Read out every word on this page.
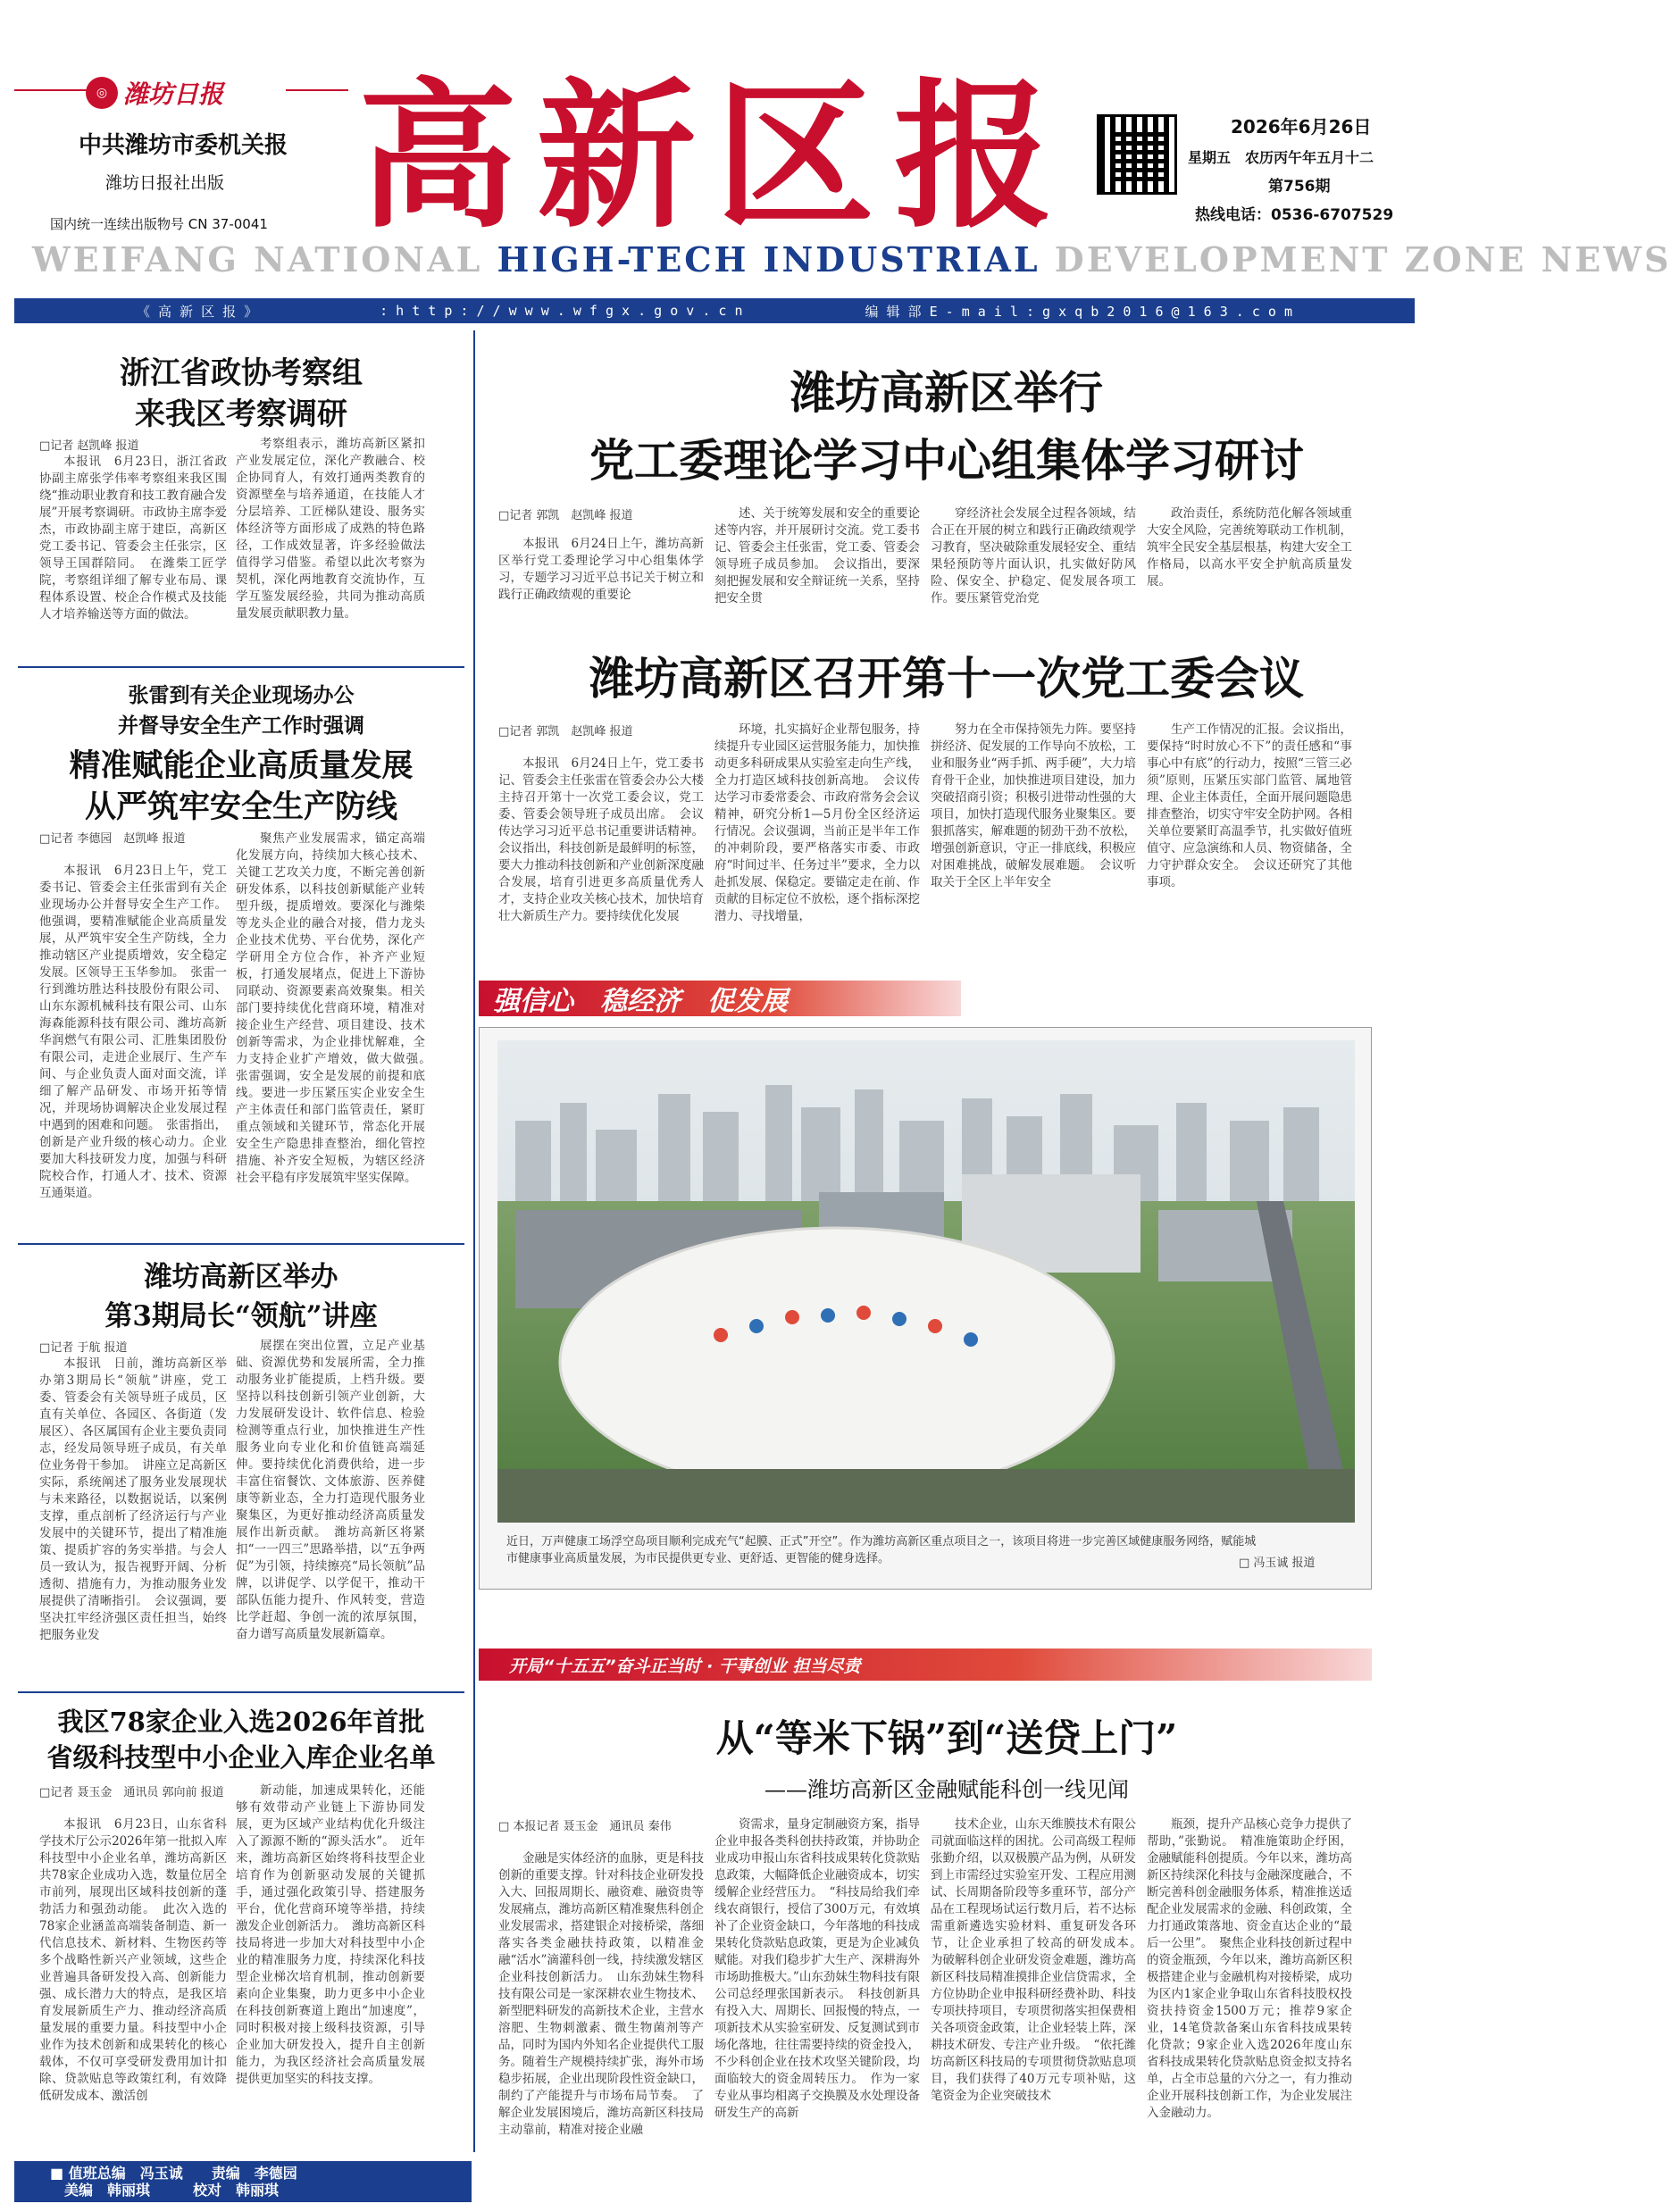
◎ 潍坊日报
中共潍坊市委机关报
潍坊日报社出版
国内统一连续出版物号 CN 37-0041 高新区报	2026年6月26日
星期五　农历丙午年五月十二
第756期
热线电话：0536-6707529
WEIFANG NATIONAL HIGH-TECH INDUSTRIAL DEVELOPMENT ZONE NEWS
《 高 新 区 报 》	: h t t p : / / w w w . w f g x . g o v . c n	编 辑 部 E - m a i l : g x q b 2 0 1 6 @ 1 6 3 . c o m
浙江省政协考察组
来我区考察调研
□记者 赵凯峰 报道

本报讯　6月23日，浙江省政协副主席张学伟率考察组来我区围绕“推动职业教育和技工教育融合发展”开展考察调研。市政协主席李爱杰，市政协副主席于建臣，高新区党工委书记、管委会主任张宗，区领导王国群陪同。　在潍柴工匠学院，考察组详细了解专业布局、课程体系设置、校企合作模式及技能人才培养输送等方面的做法。

考察组表示，潍坊高新区紧扣产业发展定位，深化产教融合、校企协同育人，有效打通两类教育的资源壁垒与培养通道，在技能人才分层培养、工匠梯队建设、服务实体经济等方面形成了成熟的特色路径，工作成效显著，许多经验做法值得学习借鉴。希望以此次考察为契机，深化两地教育交流协作，互学互鉴发展经验，共同为推动高质量发展贡献职教力量。

张雷到有关企业现场办公
并督导安全生产工作时强调
精准赋能企业高质量发展
从严筑牢安全生产防线
□记者 李德园　赵凯峰 报道

本报讯　6月23日上午，党工委书记、管委会主任张雷到有关企业现场办公并督导安全生产工作。他强调，要精准赋能企业高质量发展，从严筑牢安全生产防线，全力推动辖区产业提质增效，安全稳定发展。区领导王玉华参加。　张雷一行到潍坊胜达科技股份有限公司、山东东源机械科技有限公司、山东海森能源科技有限公司、潍坊高新华润燃气有限公司、汇胜集团股份有限公司，走进企业展厅、生产车间、与企业负责人面对面交流，详细了解产品研发、市场开拓等情况，并现场协调解决企业发展过程中遇到的困难和问题。　张雷指出，创新是产业升级的核心动力。企业要加大科技研发力度，加强与科研院校合作，打通人才、技术、资源互通渠道。

聚焦产业发展需求，锚定高端化发展方向，持续加大核心技术、关键工艺攻关力度，不断完善创新研发体系，以科技创新赋能产业转型升级，提质增效。要深化与潍柴等龙头企业的融合对接，借力龙头企业技术优势、平台优势，深化产学研用全方位合作，补齐产业短板，打通发展堵点，促进上下游协同联动、资源要素高效聚集。相关部门要持续优化营商环境，精准对接企业生产经营、项目建设、技术创新等需求，为企业排忧解难，全力支持企业扩产增效，做大做强。　张雷强调，安全是发展的前提和底线。要进一步压紧压实企业安全生产主体责任和部门监管责任，紧盯重点领域和关键环节，常态化开展安全生产隐患排查整治，细化管控措施、补齐安全短板，为辖区经济社会平稳有序发展筑牢坚实保障。

潍坊高新区举办
第3期局长“领航”讲座
□记者 于航 报道

本报讯　日前，潍坊高新区举办第3期局长“领航”讲座，党工委、管委会有关领导班子成员，区直有关单位、各园区、各街道（发展区）、各区属国有企业主要负责同志，经发局领导班子成员，有关单位业务骨干参加。　讲座立足高新区实际，系统阐述了服务业发展现状与未来路径，以数据说话，以案例支撑，重点剖析了经济运行与产业发展中的关键环节，提出了精准施策、提质扩容的务实举措。与会人员一致认为，报告视野开阔、分析透彻、措施有力，为推动服务业发展提供了清晰指引。　会议强调，要坚决扛牢经济强区责任担当，始终把服务业发

展摆在突出位置，立足产业基础、资源优势和发展所需，全力推动服务业扩能提质，上档升级。要坚持以科技创新引领产业创新，大力发展研发设计、软件信息、检验检测等重点行业，加快推进生产性服务业向专业化和价值链高端延伸。要持续优化消费供给，进一步丰富住宿餐饮、文体旅游、医养健康等新业态，全力打造现代服务业聚集区，为更好推动经济高质量发展作出新贡献。　潍坊高新区将紧扣“一一四三”思路举措，以“五争两促”为引领，持续擦亮“局长领航”品牌，以讲促学、以学促干，推动干部队伍能力提升、作风转变，营造比学赶超、争创一流的浓厚氛围，奋力谱写高质量发展新篇章。

我区78家企业入选2026年首批
省级科技型中小企业入库企业名单
□记者 聂玉金　通讯员 郭向前 报道

本报讯　6月23日，山东省科学技术厅公示2026年第一批拟入库科技型中小企业名单，潍坊高新区共78家企业成功入选，数量位居全市前列，展现出区域科技创新的蓬勃活力和强劲动能。　此次入选的78家企业涵盖高端装备制造、新一代信息技术、新材料、生物医药等多个战略性新兴产业领域，这些企业普遍具备研发投入高、创新能力强、成长潜力大的特点，是我区培育发展新质生产力、推动经济高质量发展的重要力量。科技型中小企业作为技术创新和成果转化的核心载体，不仅可享受研发费用加计扣除、贷款贴息等政策红利，有效降低研发成本、激活创

新动能，加速成果转化，还能够有效带动产业链上下游协同发展，更为区域产业结构优化升级注入了源源不断的“源头活水”。　近年来，潍坊高新区始终将科技型企业培育作为创新驱动发展的关键抓手，通过强化政策引导、搭建服务平台，优化营商环境等举措，持续激发企业创新活力。　潍坊高新区科技局将进一步加大对科技型中小企业的精准服务力度，持续深化科技型企业梯次培育机制，推动创新要素向企业集聚，助力更多中小企业在科技创新赛道上跑出“加速度”，同时积极对接上级科技资源，引导企业加大研发投入，提升自主创新能力，为我区经济社会高质量发展提供更加坚实的科技支撑。

■ 值班总编　冯玉诚　　责编　李德园
　美编　韩丽琪　　　校对　韩丽琪
潍坊高新区举行
党工委理论学习中心组集体学习研讨
□记者 郭凯　赵凯峰 报道

本报讯　6月24日上午，潍坊高新区举行党工委理论学习中心组集体学习，专题学习习近平总书记关于树立和践行正确政绩观的重要论

述、关于统筹发展和安全的重要论述等内容，并开展研讨交流。党工委书记、管委会主任张雷，党工委、管委会领导班子成员参加。　会议指出，要深刻把握发展和安全辩证统一关系，坚持把安全贯

穿经济社会发展全过程各领域，结合正在开展的树立和践行正确政绩观学习教育，坚决破除重发展轻安全、重结果轻预防等片面认识，扎实做好防风险、保安全、护稳定、促发展各项工作。要压紧管党治党

政治责任，系统防范化解各领域重大安全风险，完善统筹联动工作机制，筑牢全民安全基层根基，构建大安全工作格局，以高水平安全护航高质量发展。

潍坊高新区召开第十一次党工委会议
□记者 郭凯　赵凯峰 报道

本报讯　6月24日上午，党工委书记、管委会主任张雷在管委会办公大楼主持召开第十一次党工委会议，党工委、管委会领导班子成员出席。　会议传达学习习近平总书记重要讲话精神。会议指出，科技创新是最鲜明的标签，要大力推动科技创新和产业创新深度融合发展，培育引进更多高质量优秀人才，支持企业攻关核心技术，加快培育壮大新质生产力。要持续优化发展

环境，扎实搞好企业帮包服务，持续提升专业园区运营服务能力，加快推动更多科研成果从实验室走向生产线，全力打造区域科技创新高地。　会议传达学习市委常委会、市政府常务会会议精神，研究分析1—5月份全区经济运行情况。会议强调，当前正是半年工作的冲刺阶段，要严格落实市委、市政府“时间过半、任务过半”要求，全力以赴抓发展、保稳定。要锚定走在前、作贡献的目标定位不放松，逐个指标深挖潜力、寻找增量，

努力在全市保持领先力阵。要坚持拼经济、促发展的工作导向不放松，工业和服务业“两手抓、两手硬”，大力培育骨干企业，加快推进项目建设，加力突破招商引资；积极引进带动性强的大项目，加快打造现代服务业聚集区。要狠抓落实，解难题的韧劲干劲不放松，增强创新意识，守正一排底线，积极应对困难挑战，破解发展难题。　会议听取关于全区上半年安全

生产工作情况的汇报。会议指出，要保持“时时放心不下”的责任感和“事事心中有底”的行动力，按照“三管三必须”原则，压紧压实部门监管、属地管理、企业主体责任，全面开展问题隐患排查整治，切实守牢安全防护网。各相关单位要紧盯高温季节，扎实做好值班值守、应急演练和人员、物资储备，全力守护群众安全。　会议还研究了其他事项。

强信心　稳经济　促发展
近日，万声健康工场浮空岛项目顺利完成充气“起膜、正式”开空”。作为潍坊高新区重点项目之一，该项目将进一步完善区域健康服务网络，赋能城市健康事业高质量发展，为市民提供更专业、更舒适、更智能的健身选择。	□ 冯玉诚 报道
开局“十五五”奋斗正当时 · 干事创业 担当尽责
从“等米下锅”到“送贷上门”
——潍坊高新区金融赋能科创一线见闻
□ 本报记者 聂玉金　通讯员 秦伟

金融是实体经济的血脉，更是科技创新的重要支撑。针对科技企业研发投入大、回报周期长、融资难、融资贵等发展痛点，潍坊高新区精准聚焦科创企业发展需求，搭建银企对接桥梁，落细落实各类金融扶持政策，以精准金融“活水”滴灌科创一线，持续激发辖区企业科技创新活力。　山东劲妹生物科技有限公司是一家深耕农业生物技术、新型肥料研发的高新技术企业，主营水溶肥、生物刺激素、微生物菌剂等产品，同时为国内外知名企业提供代工服务。随着生产规模持续扩张，海外市场稳步拓展，企业出现阶段性资金缺口，制约了产能提升与市场布局节奏。　了解企业发展困境后，潍坊高新区科技局主动靠前，精准对接企业融

资需求，量身定制融资方案，指导企业申报各类科创扶持政策，并协助企业成功申报山东省科技成果转化贷款贴息政策，大幅降低企业融资成本，切实缓解企业经营压力。　“科技局给我们牵线农商银行，授信了300万元，有效填补了企业资金缺口，今年落地的科技成果转化贷款贴息政策，更是为企业减负赋能。对我们稳步扩大生产、深耕海外市场助推极大。”山东劲妹生物科技有限公司总经理张国新表示。　科技创新具有投入大、周期长、回报慢的特点，一项新技术从实验室研发、反复测试到市场化落地，往往需要持续的资金投入，不少科创企业在技术攻坚关键阶段，均面临较大的资金周转压力。　作为一家专业从事均相离子交换膜及水处理设备研发生产的高新

技术企业，山东天维膜技术有限公司就面临这样的困扰。公司高级工程师张勤介绍，以双极膜产品为例，从研发到上市需经过实验室开发、工程应用测试、长周期备阶段等多重环节，部分产品在工程现场试运行数月后，若不达标需重新遴选实验材料、重复研发各环节，让企业承担了较高的研发成本。　为破解科创企业研发资金难题，潍坊高新区科技局精准摸排企业信贷需求，全方位协助企业申报科研经费补助、科技专项扶持项目，专项贯彻落实担保费相关各项资金政策，让企业轻装上阵，深耕技术研发、专注产业升级。　“依托潍坊高新区科技局的专项贯彻贷款贴息项目，我们获得了40万元专项补贴，这笔资金为企业突破技术

瓶颈，提升产品核心竞争力提供了帮助，”张勤说。　精准施策助企纾困，金融赋能科创提质。今年以来，潍坊高新区持续深化科技与金融深度融合，不断完善科创金融服务体系，精准推送适配企业发展需求的金融、科创政策，全力打通政策落地、资金直达企业的“最后一公里”。　聚焦企业科技创新过程中的资金瓶颈，今年以来，潍坊高新区积极搭建企业与金融机构对接桥梁，成功为区内1家企业争取山东省科技股权投资扶持资金1500万元；推荐9家企业，14笔贷款备案山东省科技成果转化贷款；9家企业入选2026年度山东省科技成果转化贷款贴息资金拟支持名单，占全市总量的六分之一，有力推动企业开展科技创新工作，为企业发展注入金融动力。
